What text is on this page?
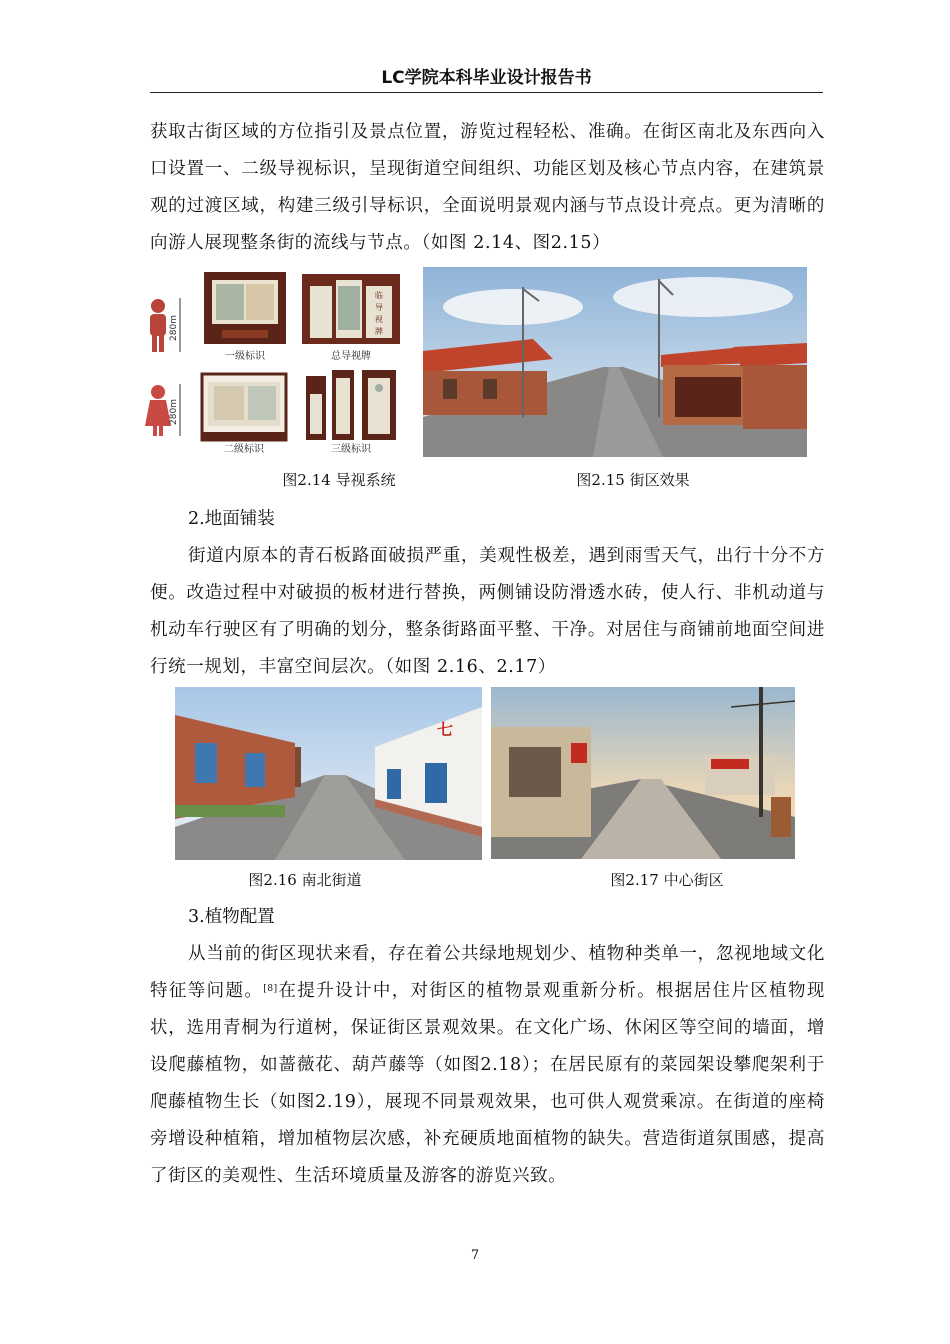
LC学院本科毕业设计报告书
获取古街区域的方位指引及景点位置，游览过程轻松、准确。在街区南北及东西向入口设置一、二级导视标识，呈现街道空间组织、功能区划及核心节点内容，在建筑景观的过渡区域，构建三级引导标识，全面说明景观内涵与节点设计亮点。更为清晰的向游人展现整条街的流线与节点。（如图 2.14、图2.15）
280m
280m
临
导
视
牌
一级标识	总导视牌
二级标识	三级标识
图2.14 导视系统	图2.15 街区效果
2.地面铺装
街道内原本的青石板路面破损严重，美观性极差，遇到雨雪天气，出行十分不方便。改造过程中对破损的板材进行替换，两侧铺设防滑透水砖，使人行、非机动道与机动车行驶区有了明确的划分，整条街路面平整、干净。对居住与商铺前地面空间进行统一规划，丰富空间层次。（如图 2.16、2.17）
七
图2.16 南北街道	图2.17 中心街区
3.植物配置
从当前的街区现状来看，存在着公共绿地规划少、植物种类单一，忽视地域文化特征等问题。[8]在提升设计中，对街区的植物景观重新分析。根据居住片区植物现状，选用青桐为行道树，保证街区景观效果。在文化广场、休闲区等空间的墙面，增设爬藤植物，如蔷薇花、葫芦藤等（如图2.18）；在居民原有的菜园架设攀爬架利于爬藤植物生长（如图2.19），展现不同景观效果，也可供人观赏乘凉。在街道的座椅旁增设种植箱，增加植物层次感，补充硬质地面植物的缺失。营造街道氛围感，提高了街区的美观性、生活环境质量及游客的游览兴致。
7
